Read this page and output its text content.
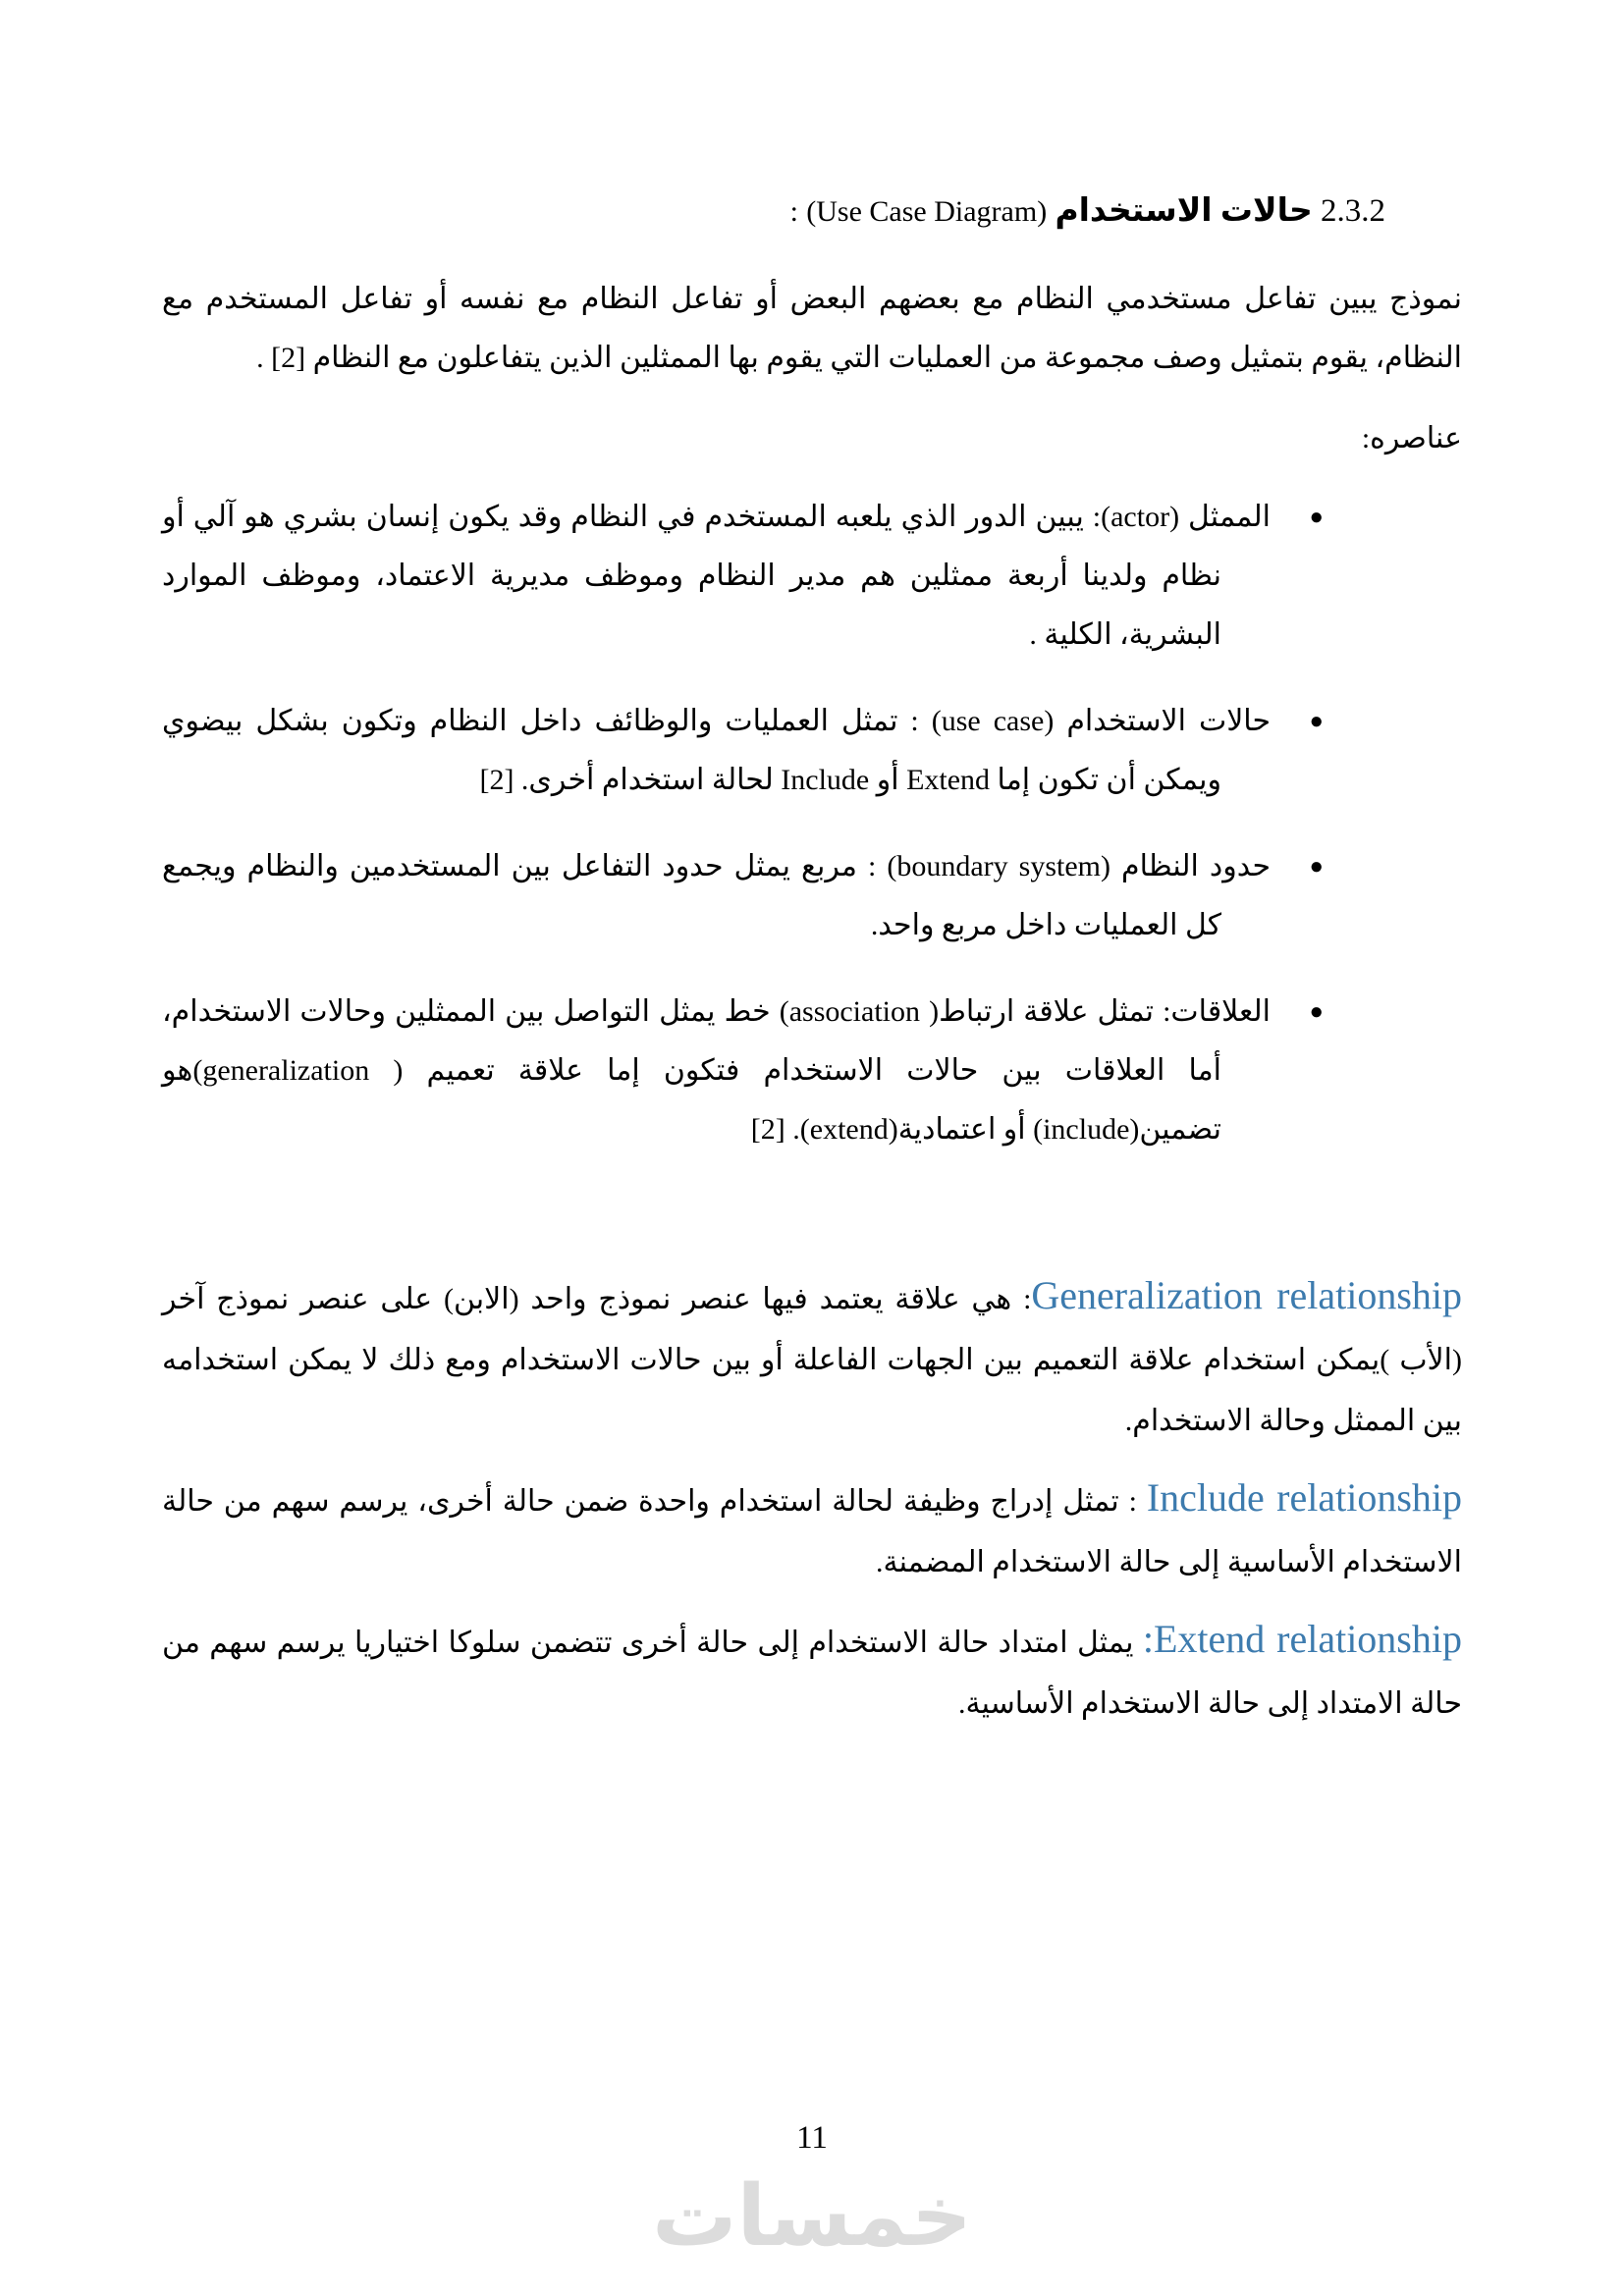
2.3.2 حالات الاستخدام (Use Case Diagram) :

نموذج يبين تفاعل مستخدمي النظام مع بعضهم البعض أو تفاعل النظام مع نفسه أو تفاعل المستخدم مع النظام، يقوم بتمثيل وصف مجموعة من العمليات التي يقوم بها الممثلين الذين يتفاعلون مع النظام [2] .

عناصره:

●
الممثل (actor): يبين الدور الذي يلعبه المستخدم في النظام وقد يكون إنسان بشري هو آلي أو نظام ولدينا أربعة ممثلين هم مدير النظام وموظف مديرية الاعتماد، وموظف الموارد البشرية، الكلية .
●
حالات الاستخدام (use case) : تمثل العمليات والوظائف داخل النظام وتكون بشكل بيضوي ويمكن أن تكون إما Extend أو Include لحالة استخدام أخرى. [2]
●
حدود النظام (boundary system) : مربع يمثل حدود التفاعل بين المستخدمين والنظام ويجمع كل العمليات داخل مربع واحد.
●
العلاقات: تمثل علاقة ارتباط( association) خط يمثل التواصل بين الممثلين وحالات الاستخدام، أما العلاقات بين حالات الاستخدام فتكون إما علاقة تعميم ( generalization)هو تضمين(include) أو اعتمادية(extend). [2]

Generalization relationship: هي علاقة يعتمد فيها عنصر نموذج واحد (الابن) على عنصر نموذج آخر (الأب )يمكن استخدام علاقة التعميم بين الجهات الفاعلة أو بين حالات الاستخدام ومع ذلك لا يمكن استخدامه بين الممثل وحالة الاستخدام.

Include relationship : تمثل إدراج وظيفة لحالة استخدام واحدة ضمن حالة أخرى، يرسم سهم من حالة الاستخدام الأساسية إلى حالة الاستخدام المضمنة.

Extend relationship: يمثل امتداد حالة الاستخدام إلى حالة أخرى تتضمن سلوكا اختياريا يرسم سهم من حالة الامتداد إلى حالة الاستخدام الأساسية.

11
خمسات
